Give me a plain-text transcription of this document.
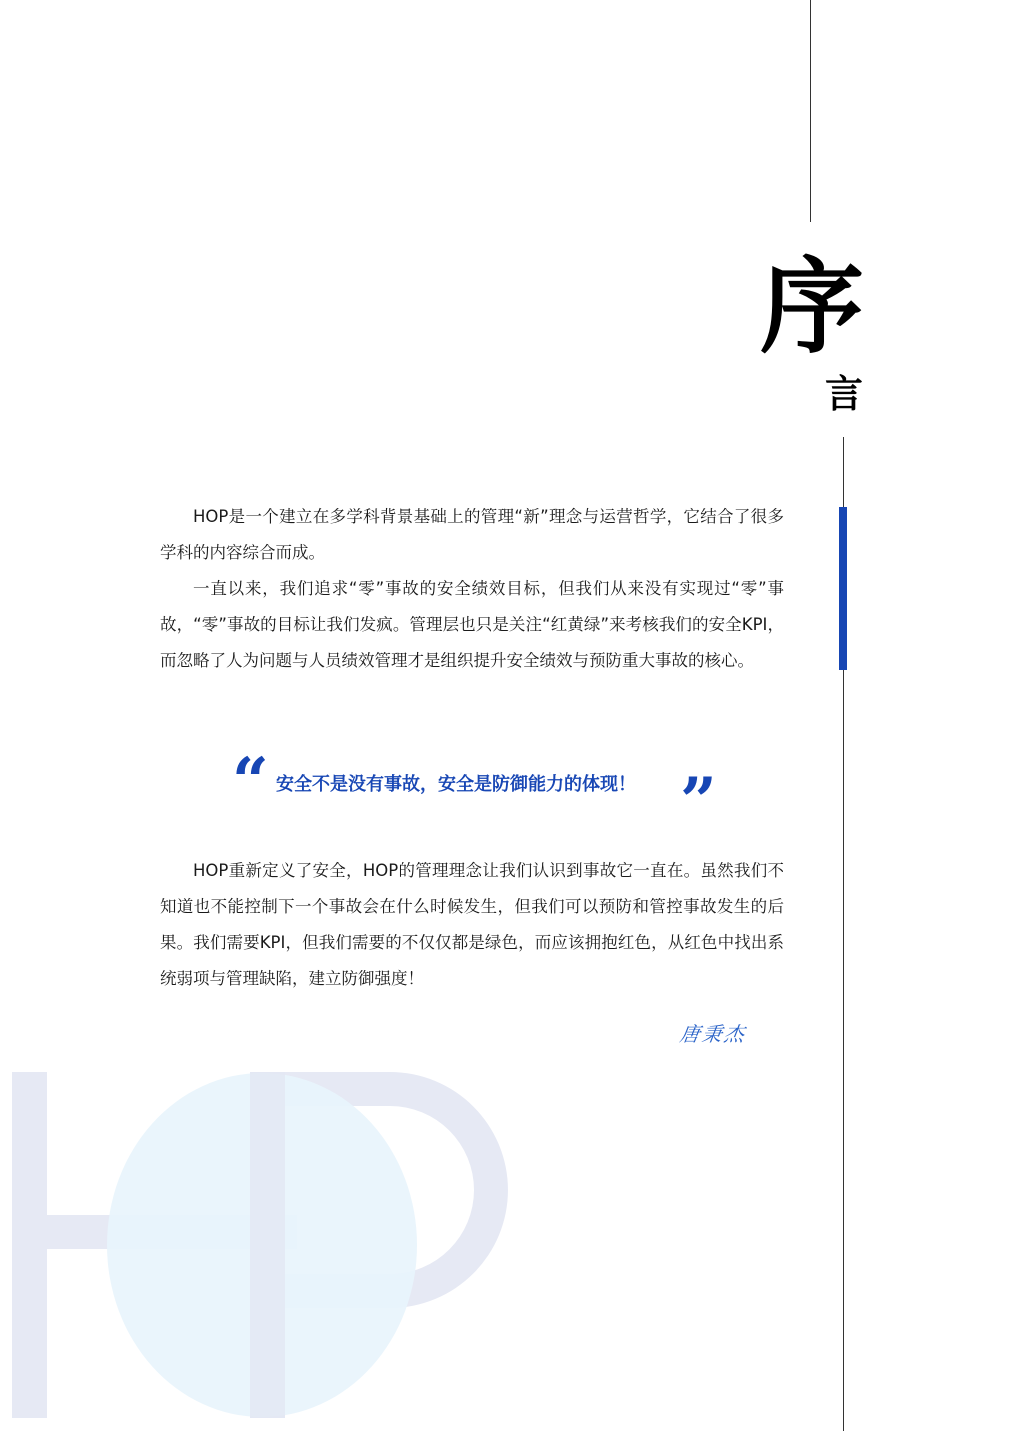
序
言

HOP是一个建立在多学科背景基础上的管理“新”理念与运营哲学，它结合了很多学科的内容综合而成。

一直以来，我们追求“零”事故的安全绩效目标，但我们从来没有实现过“零”事故，“零”事故的目标让我们发疯。管理层也只是关注“红黄绿”来考核我们的安全KPI，而忽略了人为问题与人员绩效管理才是组织提升安全绩效与预防重大事故的核心。

“ 安全不是没有事故，安全是防御能力的体现！ ”

HOP重新定义了安全，HOP的管理理念让我们认识到事故它一直在。虽然我们不知道也不能控制下一个事故会在什么时候发生，但我们可以预防和管控事故发生的后果。我们需要KPI，但我们需要的不仅仅都是绿色，而应该拥抱红色，从红色中找出系统弱项与管理缺陷，建立防御强度！

唐秉杰
